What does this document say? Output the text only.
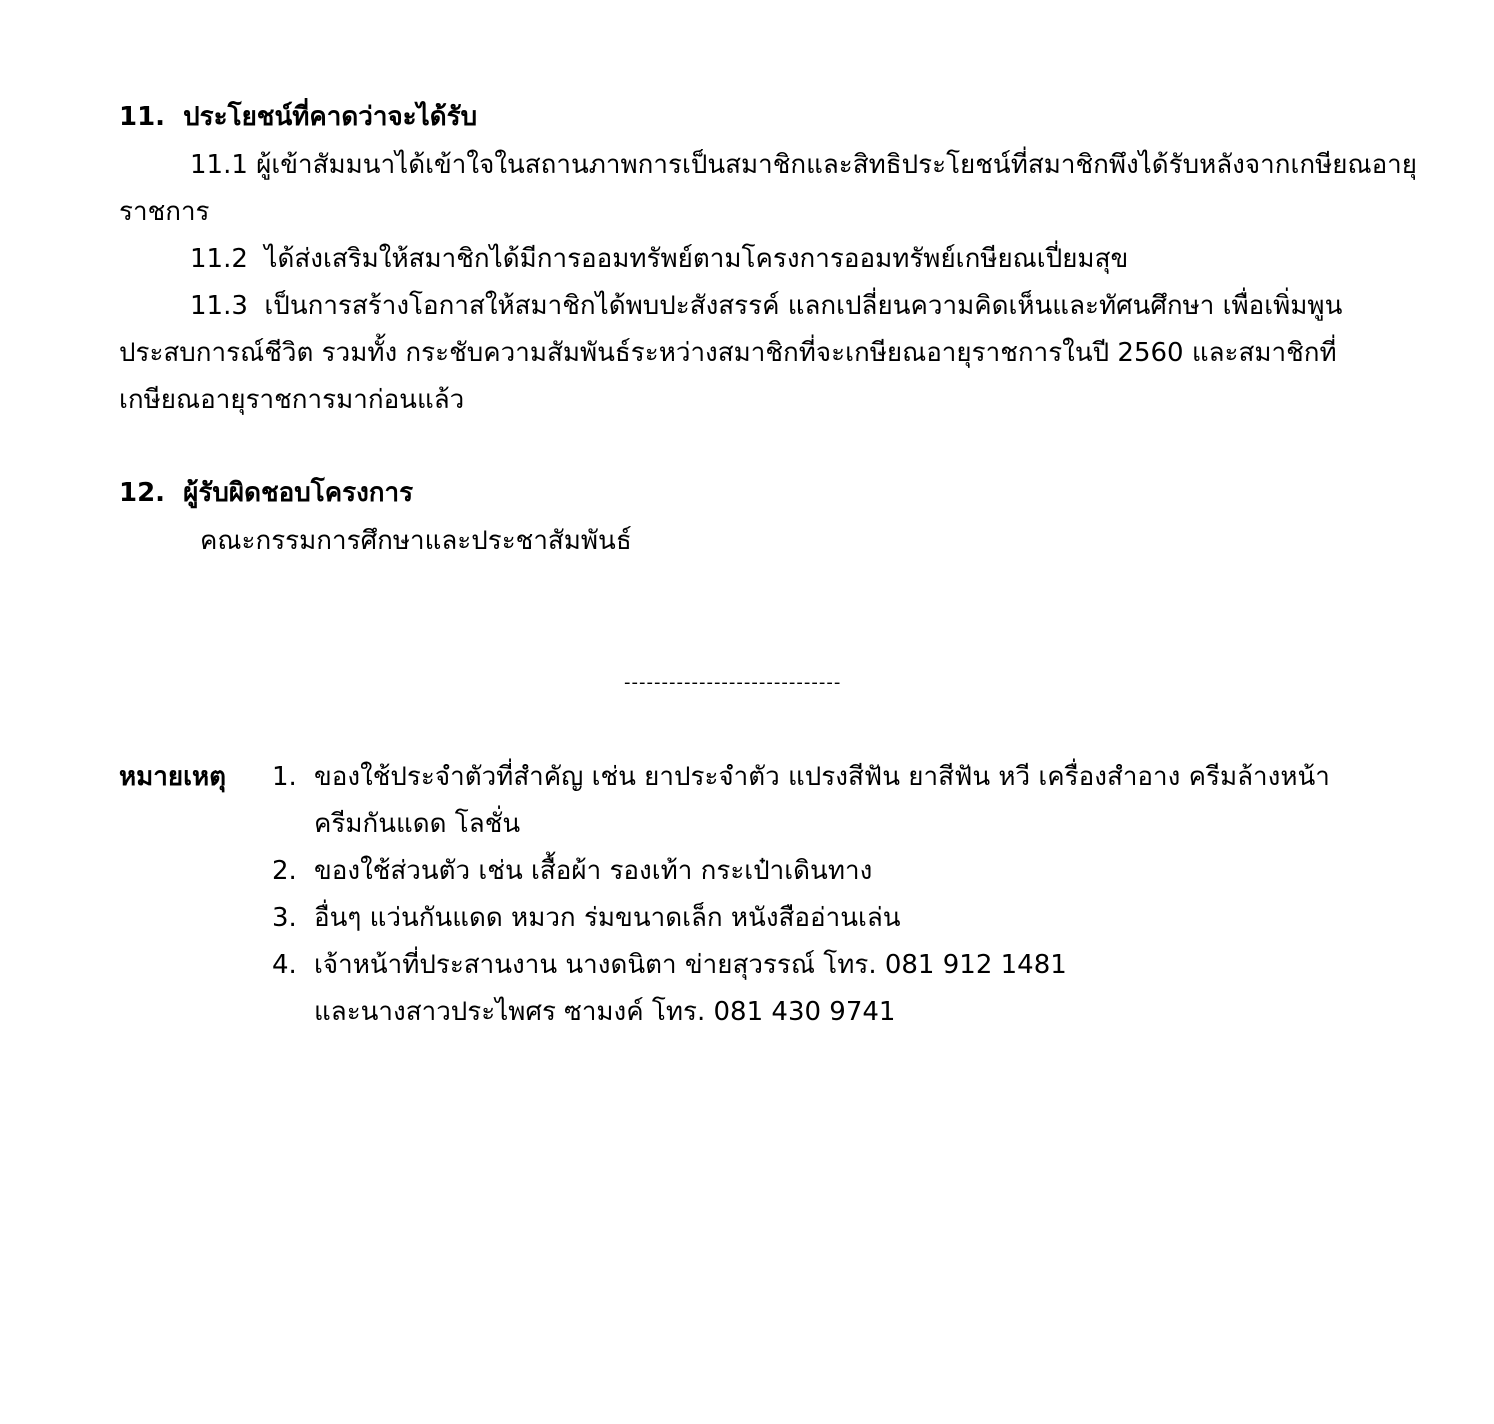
11. ประโยชน์ที่คาดว่าจะได้รับ
11.1 ผู้เข้าสัมมนาได้เข้าใจในสถานภาพการเป็นสมาชิกและสิทธิประโยชน์ที่สมาชิกพึงได้รับหลังจากเกษียณอายุ
ราชการ
11.2 ได้ส่งเสริมให้สมาชิกได้มีการออมทรัพย์ตามโครงการออมทรัพย์เกษียณเปี่ยมสุข
11.3 เป็นการสร้างโอกาสให้สมาชิกได้พบปะสังสรรค์ แลกเปลี่ยนความคิดเห็นและทัศนศึกษา เพื่อเพิ่มพูน
ประสบการณ์ชีวิต รวมทั้ง กระชับความสัมพันธ์ระหว่างสมาชิกที่จะเกษียณอายุราชการในปี 2560 และสมาชิกที่
เกษียณอายุราชการมาก่อนแล้ว
12. ผู้รับผิดชอบโครงการ
คณะกรรมการศึกษาและประชาสัมพันธ์
-----------------------------
หมายเหตุ 1. ของใช้ประจำตัวที่สำคัญ เช่น ยาประจำตัว แปรงสีฟัน ยาสีฟัน หวี เครื่องสำอาง ครีมล้างหน้า
ครีมกันแดด โลชั่น
2. ของใช้ส่วนตัว เช่น เสื้อผ้า รองเท้า กระเป๋าเดินทาง
3. อื่นๆ แว่นกันแดด หมวก ร่มขนาดเล็ก หนังสืออ่านเล่น
4. เจ้าหน้าที่ประสานงาน นางดนิตา ข่ายสุวรรณ์ โทร. 081 912 1481
และนางสาวประไพศร ซามงค์ โทร. 081 430 9741
